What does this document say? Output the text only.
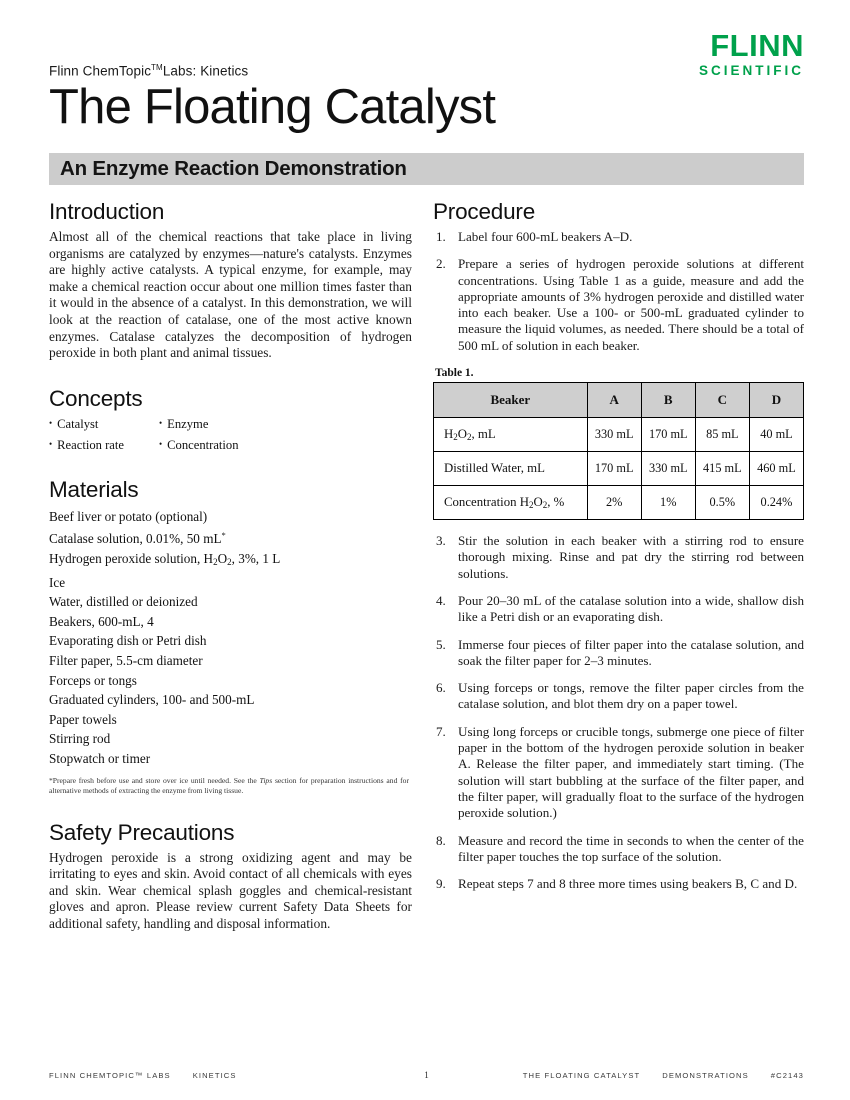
Flinn ChemTopic™Labs: Kinetics
The Floating Catalyst
FLINN
SCIENTIFIC
An Enzyme Reaction Demonstration
Introduction

Almost all of the chemical reactions that take place in living organisms are catalyzed by enzymes—nature's catalysts. Enzymes are highly active catalysts. A typical enzyme, for example, may make a chemical reaction occur about one million times faster than it would in the absence of a catalyst. In this demonstration, we will look at the reaction of catalase, one of the most active known enzymes. Catalase catalyzes the decomposition of hydrogen peroxide in both plant and animal tissues.

Concepts
• Catalyst	• Enzyme
• Reaction rate	• Concentration
Materials
Beef liver or potato (optional)
Catalase solution, 0.01%, 50 mL*
Hydrogen peroxide solution, $H_2O_2$, 3%, 1 L
Ice
Water, distilled or deionized
Beakers, 600-mL, 4
Evaporating dish or Petri dish
Filter paper, 5.5-cm diameter
Forceps or tongs
Graduated cylinders, 100- and 500-mL
Paper towels
Stirring rod
Stopwatch or timer
*Prepare fresh before use and store over ice until needed. See the Tips section for preparation instructions and for alternative methods of extracting the enzyme from living tissue.
Safety Precautions

Hydrogen peroxide is a strong oxidizing agent and may be irritating to eyes and skin. Avoid contact of all chemicals with eyes and skin. Wear chemical splash goggles and chemical-resistant gloves and apron. Please review current Safety Data Sheets for additional safety, handling and disposal information.

Procedure
Label four 600-mL beakers A–D.
Prepare a series of hydrogen peroxide solutions at different concentrations. Using Table 1 as a guide, measure and add the appropriate amounts of 3% hydrogen peroxide and distilled water into each beaker. Use a 100- or 500-mL graduated cylinder to measure the liquid volumes, as needed. There should be a total of 500 mL of solution in each beaker.
Table 1.
Beaker	A	B	C	D
$H_2O_2$, mL	330 mL	170 mL	85 mL	40 mL
Distilled Water, mL	170 mL	330 mL	415 mL	460 mL
Concentration $H_2O_2$, %	2%	1%	0.5%	0.24%
Stir the solution in each beaker with a stirring rod to ensure thorough mixing. Rinse and pat dry the stirring rod between solutions.
Pour 20–30 mL of the catalase solution into a wide, shallow dish like a Petri dish or an evaporating dish.
Immerse four pieces of filter paper into the catalase solution, and soak the filter paper for 2–3 minutes.
Using forceps or tongs, remove the filter paper circles from the catalase solution, and blot them dry on a paper towel.
Using long forceps or crucible tongs, submerge one piece of filter paper in the bottom of the hydrogen peroxide solution in beaker A. Release the filter paper, and immediately start timing. (The solution will start bubbling at the surface of the filter paper, and the filter paper, will gradually float to the surface of the hydrogen peroxide solution.)
Measure and record the time in seconds to when the center of the filter paper touches the top surface of the solution.
Repeat steps 7 and 8 three more times using beakers B, C and D.
FLINN CHEMTOPIC™ LABS	KINETICS	1	THE FLOATING CATALYST	DEMONSTRATIONS	#C2143
